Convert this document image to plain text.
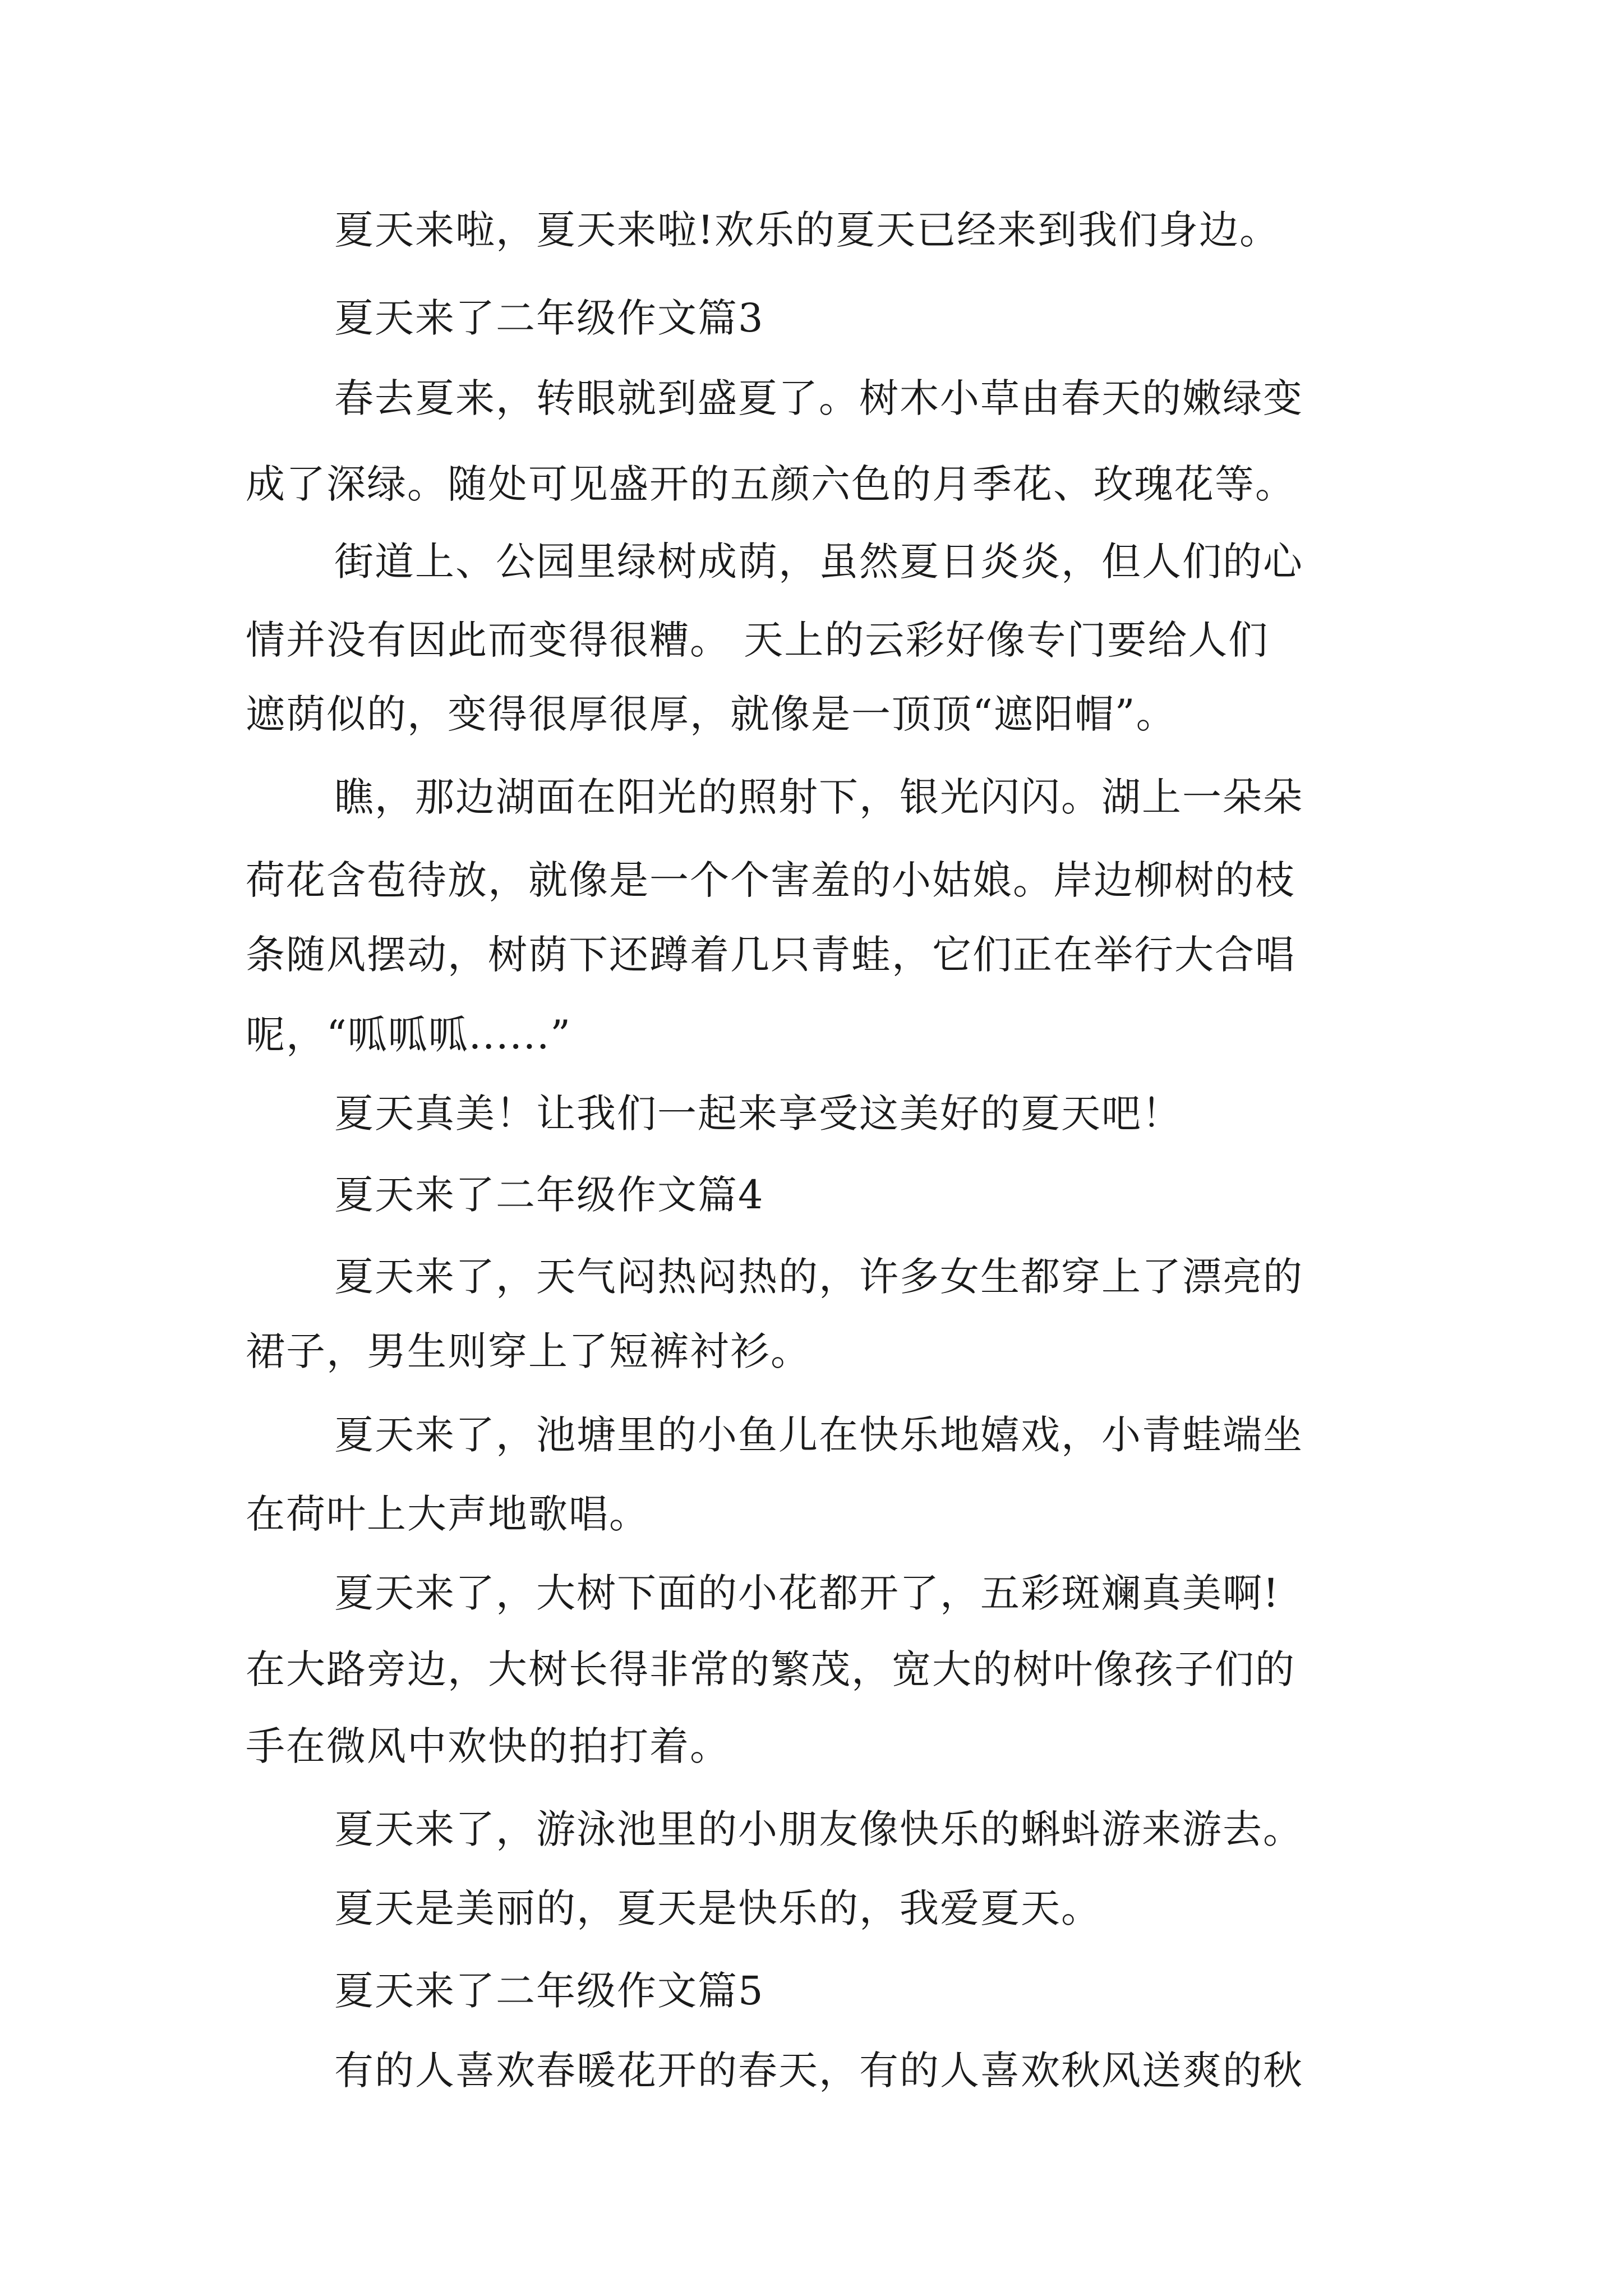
夏天来啦，夏天来啦!欢乐的夏天已经来到我们身边。
夏天来了二年级作文篇3
春去夏来，转眼就到盛夏了。树木小草由春天的嫩绿变
成了深绿。随处可见盛开的五颜六色的月季花、玫瑰花等。
街道上、公园里绿树成荫，虽然夏日炎炎，但人们的心
情并没有因此而变得很糟。 天上的云彩好像专门要给人们
遮荫似的，变得很厚很厚，就像是一顶顶“遮阳帽”。
瞧，那边湖面在阳光的照射下，银光闪闪。湖上一朵朵
荷花含苞待放，就像是一个个害羞的小姑娘。岸边柳树的枝
条随风摆动，树荫下还蹲着几只青蛙，它们正在举行大合唱
呢，“呱呱呱......”
夏天真美！让我们一起来享受这美好的夏天吧！
夏天来了二年级作文篇4
夏天来了，天气闷热闷热的，许多女生都穿上了漂亮的
裙子，男生则穿上了短裤衬衫。
夏天来了，池塘里的小鱼儿在快乐地嬉戏，小青蛙端坐
在荷叶上大声地歌唱。
夏天来了，大树下面的小花都开了，五彩斑斓真美啊!
在大路旁边，大树长得非常的繁茂，宽大的树叶像孩子们的
手在微风中欢快的拍打着。
夏天来了，游泳池里的小朋友像快乐的蝌蚪游来游去。
夏天是美丽的，夏天是快乐的，我爱夏天。
夏天来了二年级作文篇5
有的人喜欢春暖花开的春天，有的人喜欢秋风送爽的秋
